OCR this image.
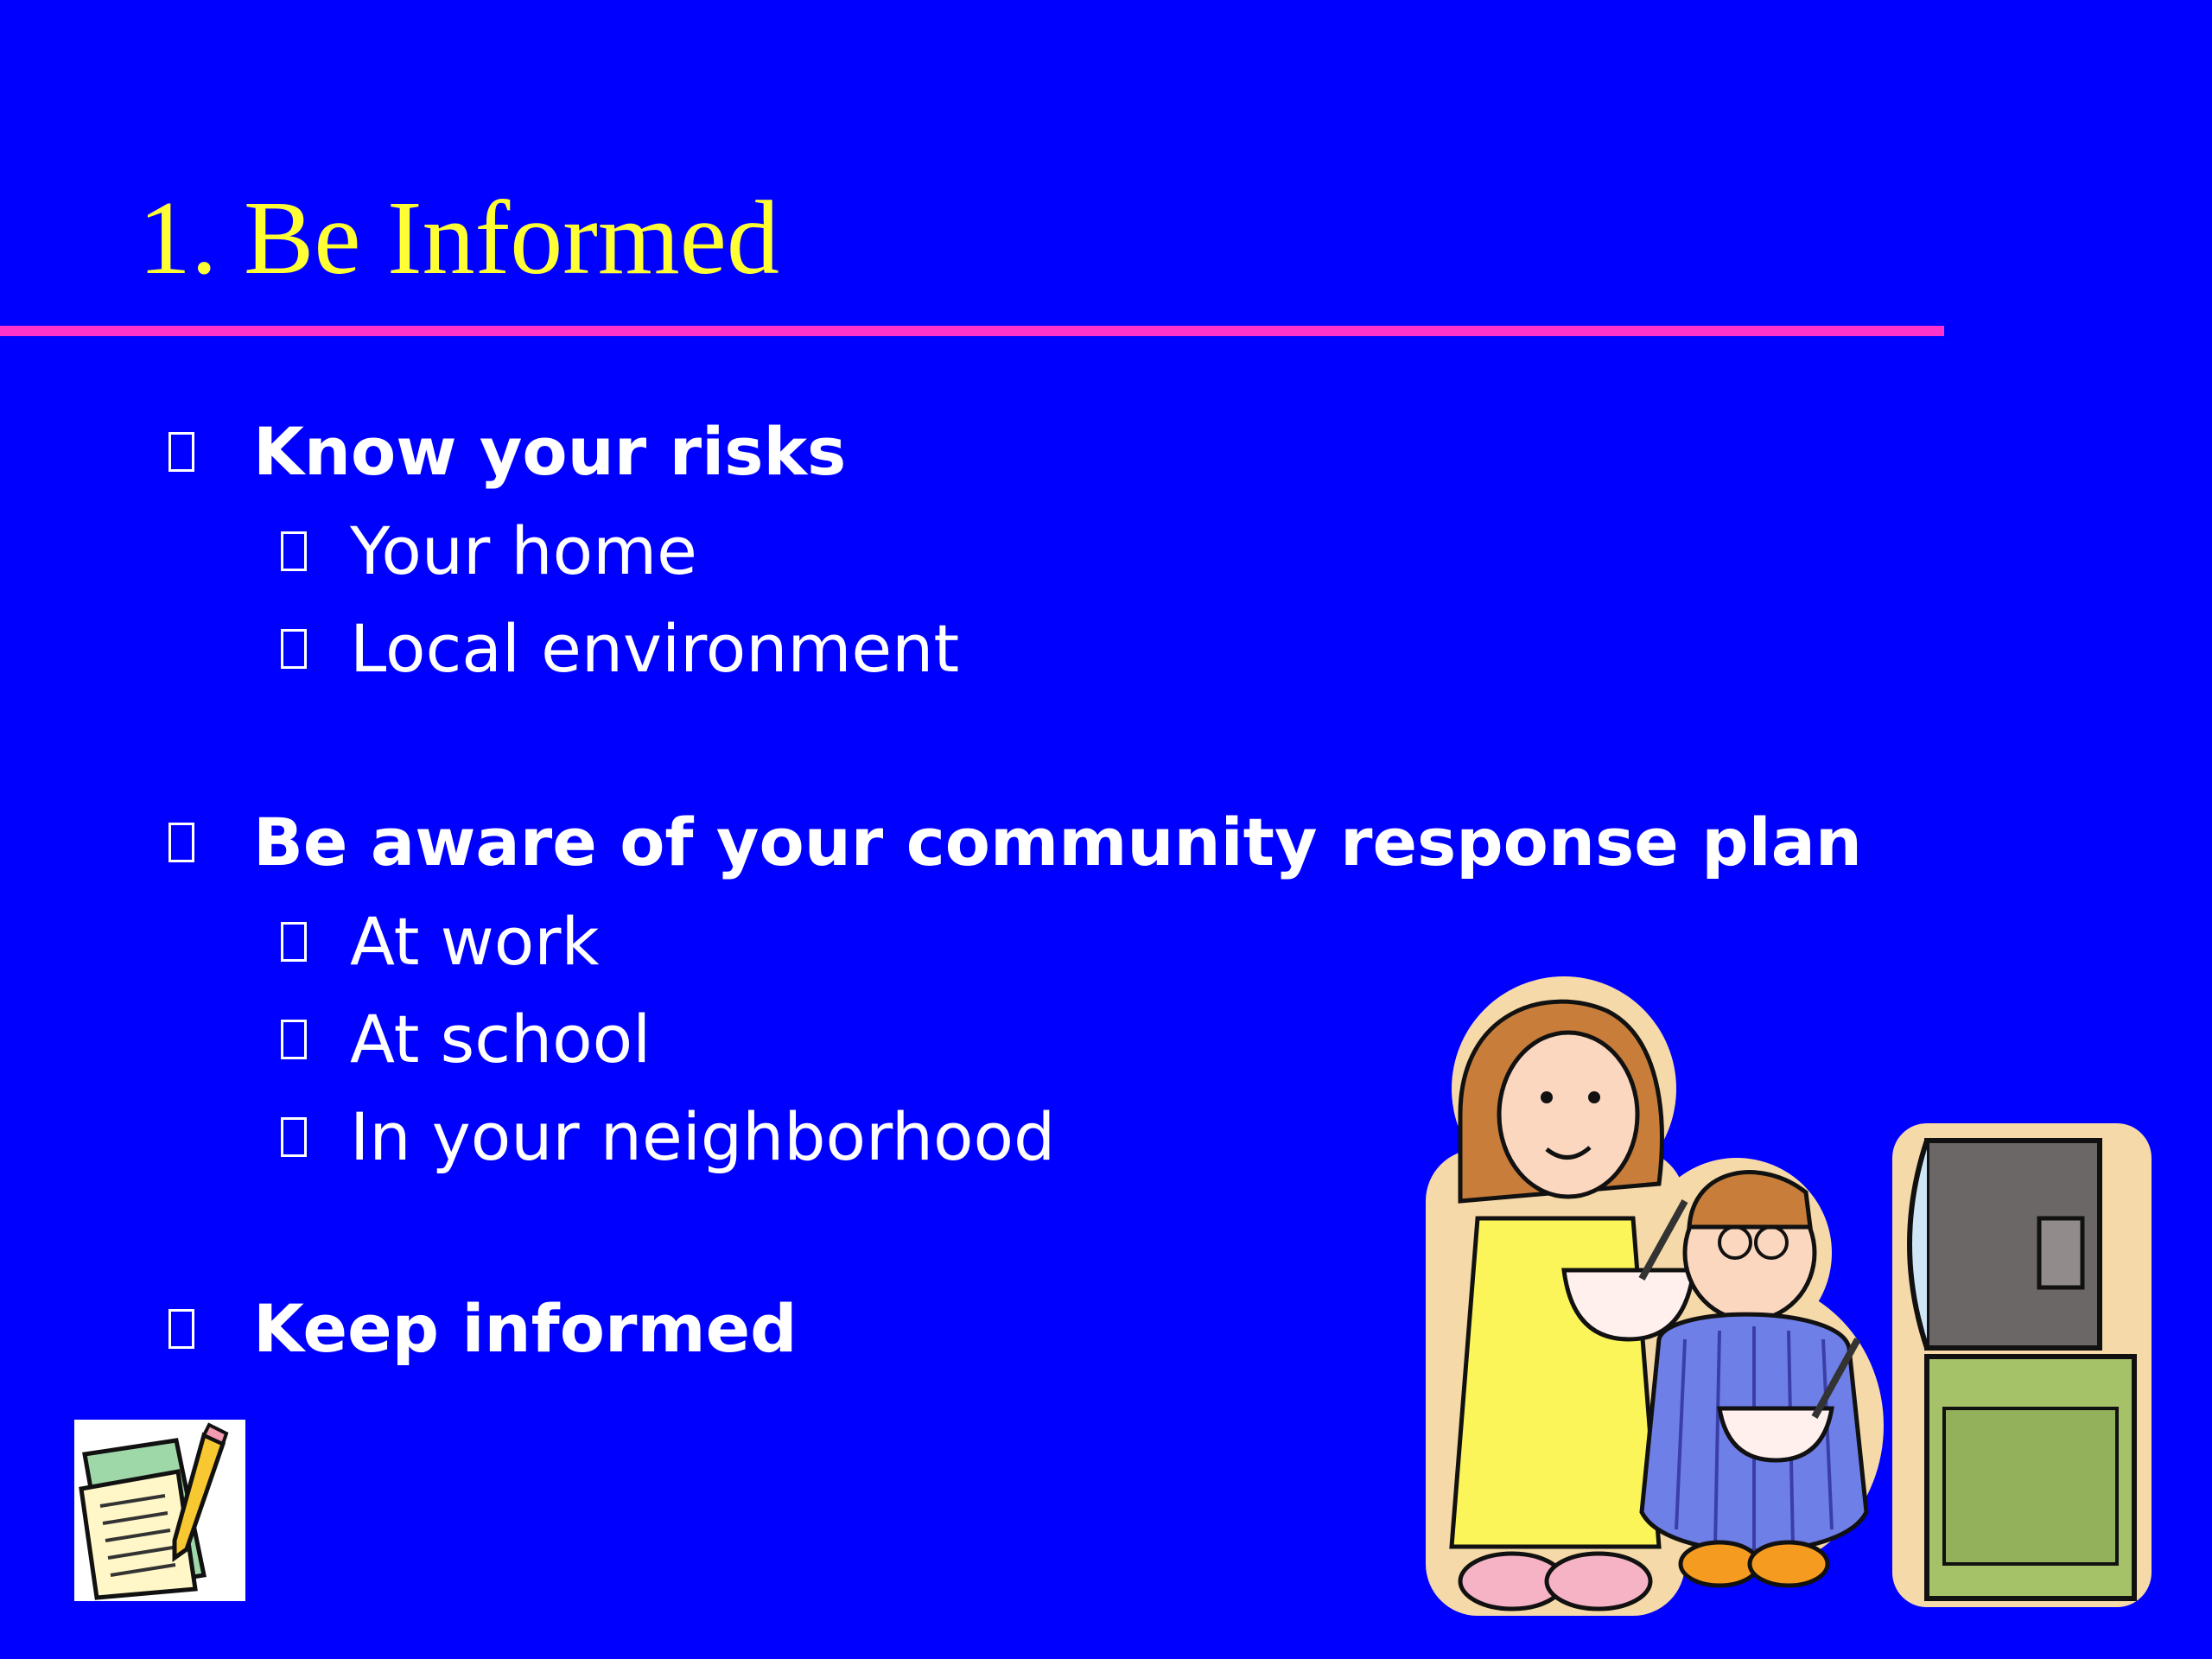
1. Be Informed
Know your risks
Your home
Local environment
Be aware of your community response plan
At work
At school
In your neighborhood
Keep informed
